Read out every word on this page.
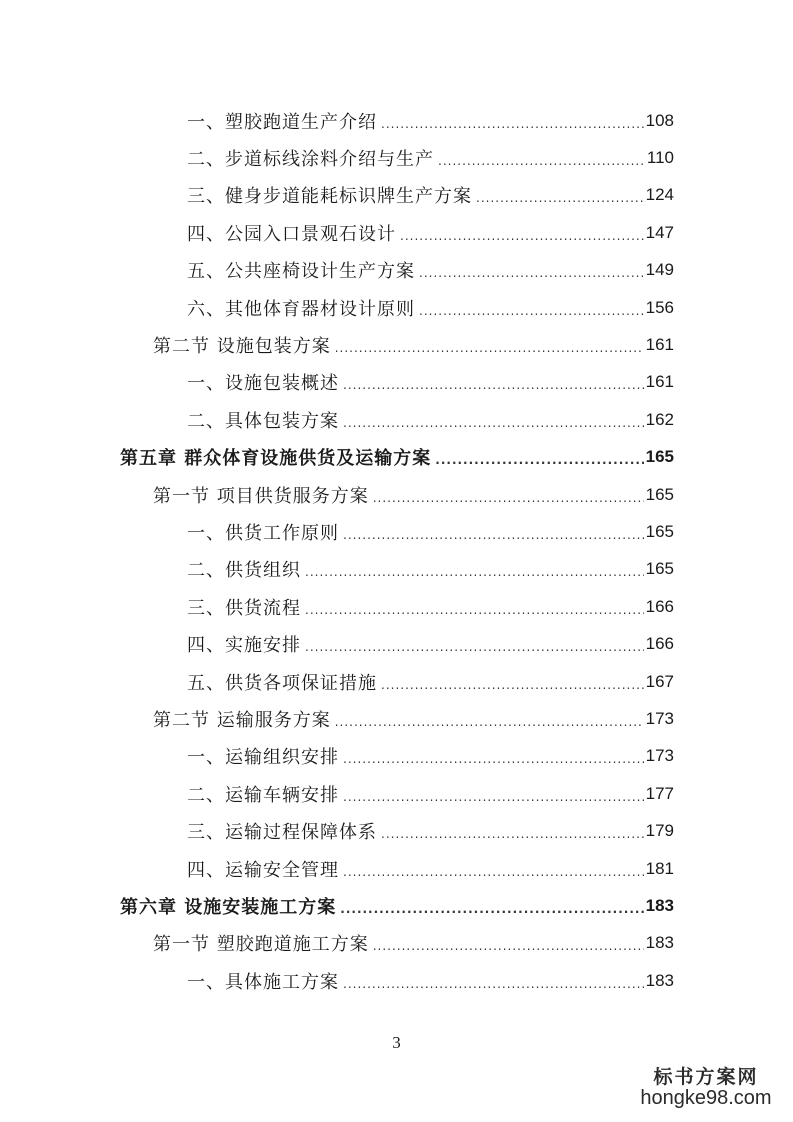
一、塑胶跑道生产介绍 .....	108
二、步道标线涂料介绍与生产 .....	110
三、健身步道能耗标识牌生产方案 .....	124
四、公园入口景观石设计 .....	147
五、公共座椅设计生产方案 .....	149
六、其他体育器材设计原则 .....	156
第二节 设施包装方案 .....	161
一、设施包装概述 .....	161
二、具体包装方案 .....	162
第五章 群众体育设施供货及运输方案 .....	165
第一节 项目供货服务方案 .....	165
一、供货工作原则 .....	165
二、供货组织 .....	165
三、供货流程 .....	166
四、实施安排 .....	166
五、供货各项保证措施 .....	167
第二节 运输服务方案 .....	173
一、运输组织安排 .....	173
二、运输车辆安排 .....	177
三、运输过程保障体系 .....	179
四、运输安全管理 .....	181
第六章 设施安装施工方案 .....	183
第一节 塑胶跑道施工方案 .....	183
一、具体施工方案 .....	183
3
标书方案网
hongke98.com
